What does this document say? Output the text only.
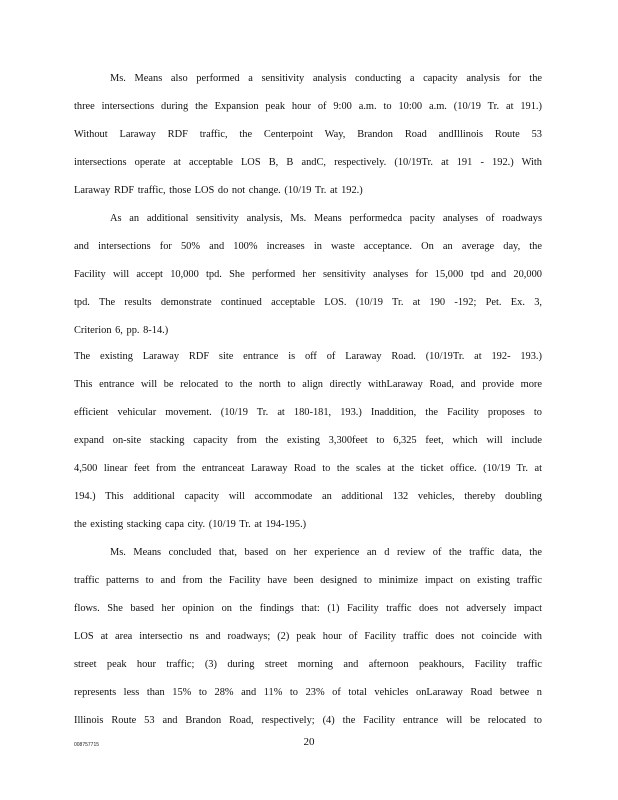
Ms. Means also performed a sensitivity analysis conducting a capacity analysis for the
three intersections during the Expansion peak hour of 9:00 a.m. to 10:00 a.m. (10/19 Tr. at 191.)
Without Laraway RDF traffic, the Centerpoint Way, Brandon Road andIllinois Route 53
intersections operate at acceptable LOS B, B andC, respectively. (10/19Tr. at 191 - 192.) With
Laraway RDF traffic, those LOS do not change. (10/19 Tr. at 192.)
As an additional sensitivity analysis, Ms. Means performedca pacity analyses of roadways
and intersections for 50% and 100% increases in waste acceptance. On an average day, the
Facility will accept 10,000 tpd. She performed her sensitivity analyses for 15,000 tpd and 20,000
tpd. The results demonstrate continued acceptable LOS. (10/19 Tr. at 190 -192; Pet. Ex. 3,
Criterion 6, pp. 8-14.)
The existing Laraway RDF site entrance is off of Laraway Road. (10/19Tr. at 192- 193.)
This entrance will be relocated to the north to align directly withLaraway Road, and provide more
efficient vehicular movement. (10/19 Tr. at 180-181, 193.) Inaddition, the Facility proposes to
expand on-site stacking capacity from the existing 3,300feet to 6,325 feet, which will include
4,500 linear feet from the entranceat Laraway Road to the scales at the ticket office. (10/19 Tr. at
194.) This additional capacity will accommodate an additional 132 vehicles, thereby doubling
the existing stacking capa city. (10/19 Tr. at 194-195.)
Ms. Means concluded that, based on her experience an d review of the traffic data, the
traffic patterns to and from the Facility have been designed to minimize impact on existing traffic
flows. She based her opinion on the findings that: (1) Facility traffic does not adversely impact
LOS at area intersectio ns and roadways; (2) peak hour of Facility traffic does not coincide with
street peak hour traffic; (3) during street morning and afternoon peakhours, Facility traffic
represents less than 15% to 28% and 11% to 23% of total vehicles onLaraway Road betwee n
Illinois Route 53 and Brandon Road, respectively; (4) the Facility entrance will be relocated to
008757715	20
